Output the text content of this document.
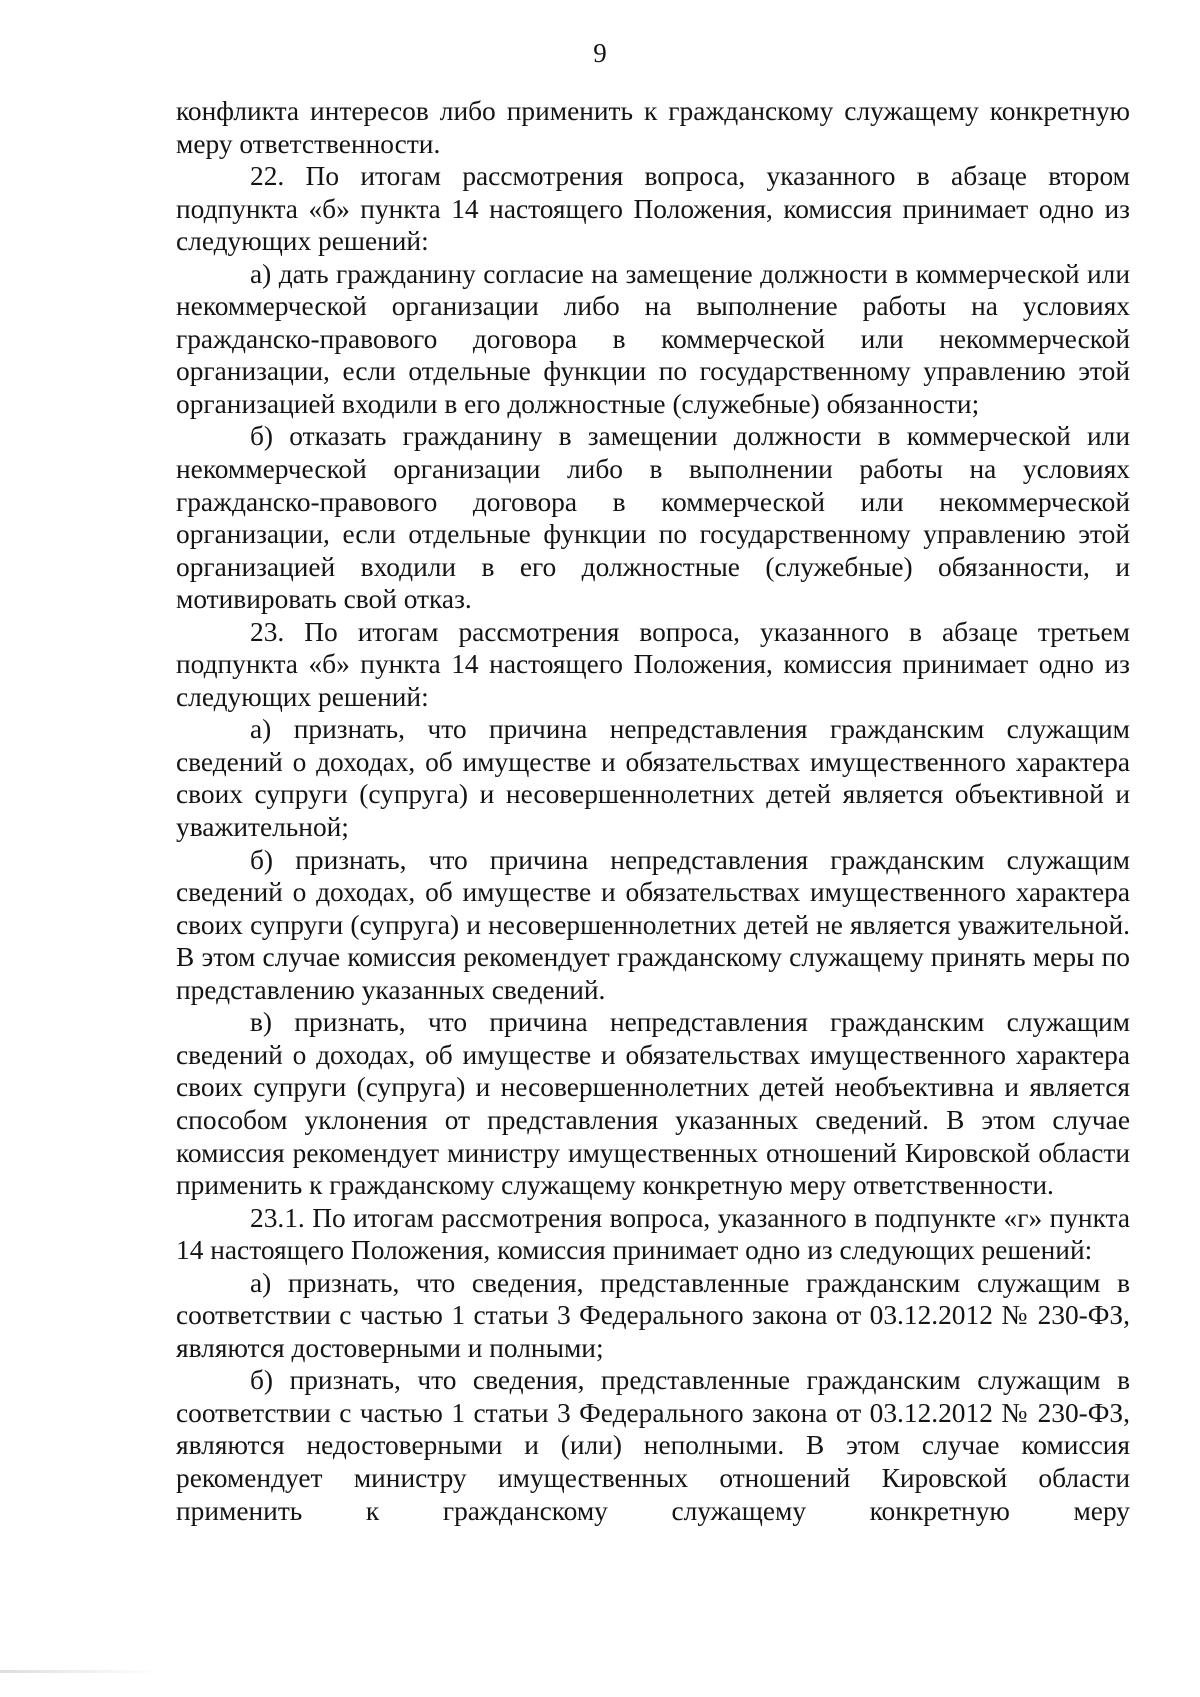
9

конфликта интересов либо применить к гражданскому служащему конкретную меру ответственности.

22. По итогам рассмотрения вопроса, указанного в абзаце втором подпункта «б» пункта 14 настоящего Положения, комиссия принимает одно из следующих решений:

а) дать гражданину согласие на замещение должности в коммерческой или некоммерческой организации либо на выполнение работы на условиях гражданско-правового договора в коммерческой или некоммерческой организации, если отдельные функции по государственному управлению этой организацией входили в его должностные (служебные) обязанности;

б) отказать гражданину в замещении должности в коммерческой или некоммерческой организации либо в выполнении работы на условиях гражданско-правового договора в коммерческой или некоммерческой организации, если отдельные функции по государственному управлению этой организацией входили в его должностные (служебные) обязанности, и мотивировать свой отказ.

23. По итогам рассмотрения вопроса, указанного в абзаце третьем подпункта «б» пункта 14 настоящего Положения, комиссия принимает одно из следующих решений:

а) признать, что причина непредставления гражданским служащим сведений о доходах, об имуществе и обязательствах имущественного характера своих супруги (супруга) и несовершеннолетних детей является объективной и уважительной;

б) признать, что причина непредставления гражданским служащим сведений о доходах, об имуществе и обязательствах имущественного характера своих супруги (супруга) и несовершеннолетних детей не является уважительной. В этом случае комиссия рекомендует гражданскому служащему принять меры по представлению указанных сведений.

в) признать, что причина непредставления гражданским служащим сведений о доходах, об имуществе и обязательствах имущественного характера своих супруги (супруга) и несовершеннолетних детей необъективна и является способом уклонения от представления указанных сведений. В этом случае комиссия рекомендует министру имущественных отношений Кировской области применить к гражданскому служащему конкретную меру ответственности.

23.1. По итогам рассмотрения вопроса, указанного в подпункте «г» пункта 14 настоящего Положения, комиссия принимает одно из следующих решений:

а) признать, что сведения, представленные гражданским служащим в соответствии с частью 1 статьи 3 Федерального закона от 03.12.2012 № 230-ФЗ, являются достоверными и полными;

б) признать, что сведения, представленные гражданским служащим в соответствии с частью 1 статьи 3 Федерального закона от 03.12.2012 № 230-ФЗ, являются недостоверными и (или) неполными. В этом случае комиссия рекомендует министру имущественных отношений Кировской области применить к гражданскому служащему конкретную меру
